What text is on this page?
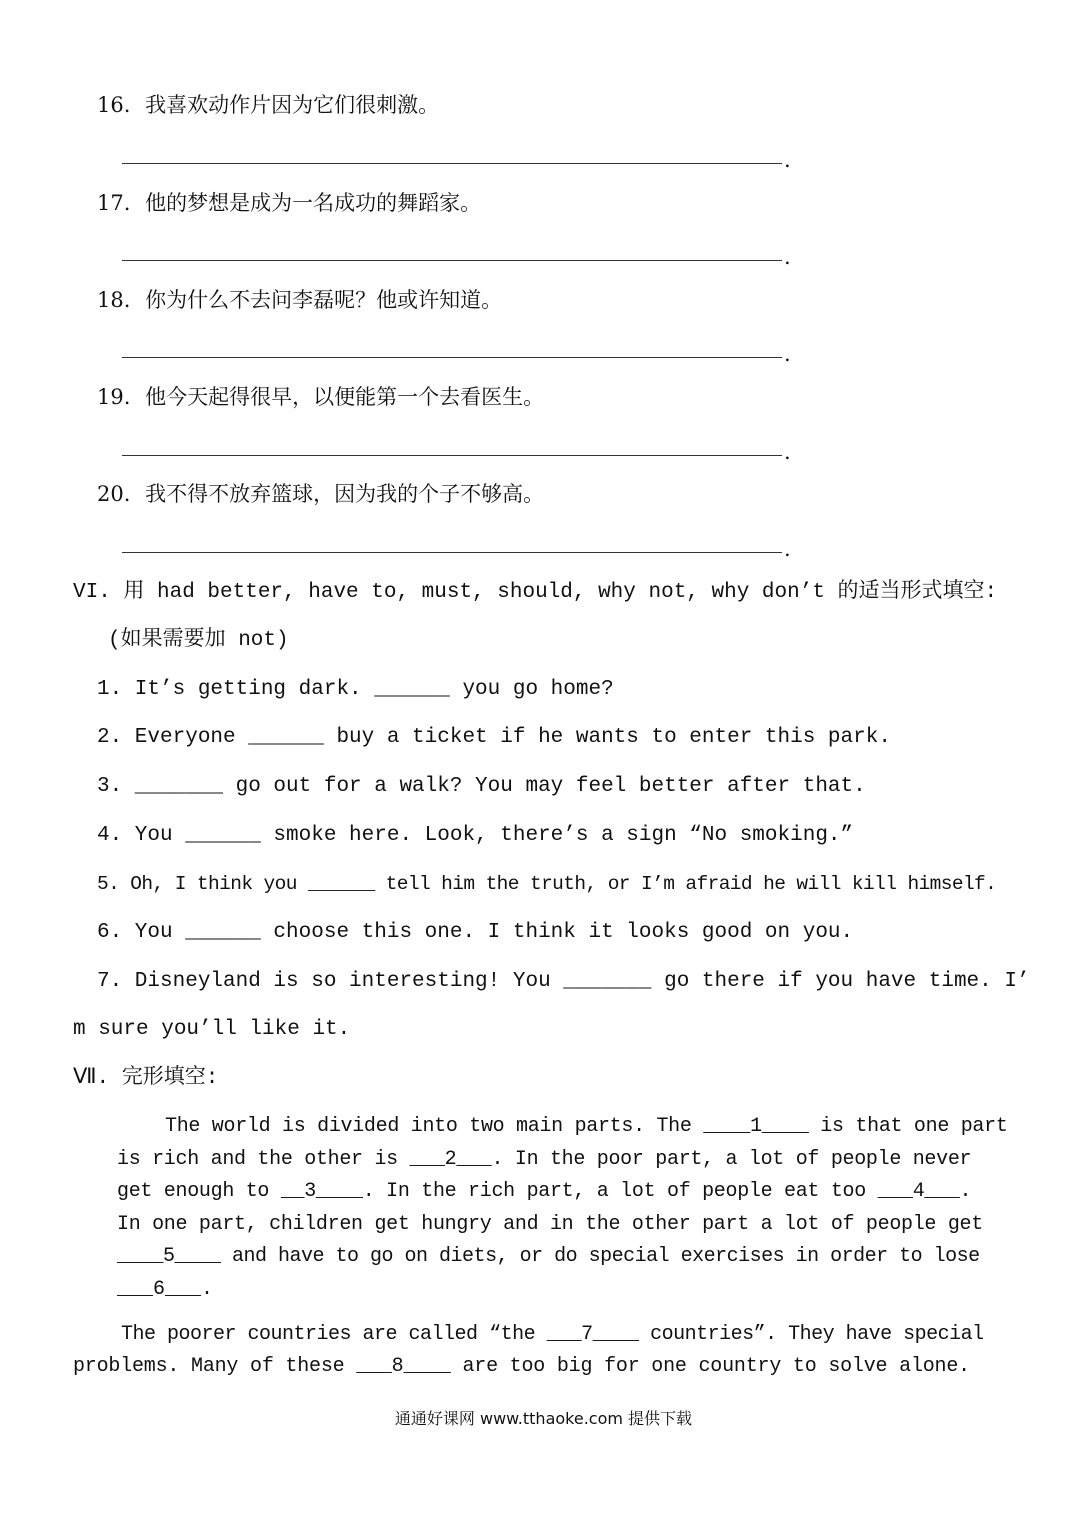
16. 我喜欢动作片因为它们很刺激。
.
17. 他的梦想是成为一名成功的舞蹈家。
.
18. 你为什么不去问李磊呢？他或许知道。
.
19. 他今天起得很早，以便能第一个去看医生。
.
20. 我不得不放弃篮球，因为我的个子不够高。
.
VI. 用 had better, have to, must, should, why not, why don’t 的适当形式填空:
(如果需要加 not)
1. It’s getting dark. ______ you go home?
2. Everyone ______ buy a ticket if he wants to enter this park.
3. _______ go out for a walk? You may feel better after that.
4. You ______ smoke here. Look, there’s a sign “No smoking.”
5. Oh, I think you ______ tell him the truth, or I’m afraid he will kill himself.
6. You ______ choose this one. I think it looks good on you.
7. Disneyland is so interesting! You _______ go there if you have time. I’
m sure you’ll like it.
Ⅶ. 完形填空:
The world is divided into two main parts. The ____1____ is that one part
is rich and the other is ___2___. In the poor part, a lot of people never
get enough to __3____. In the rich part, a lot of people eat too ___4___.
In one part, children get hungry and in the other part a lot of people get
____5____ and have to go on diets, or do special exercises in order to lose
___6___.
The poorer countries are called “the ___7____ countries”. They have special
problems. Many of these ___8____ are too big for one country to solve alone.
通通好课网 www.tthaoke.com 提供下载
